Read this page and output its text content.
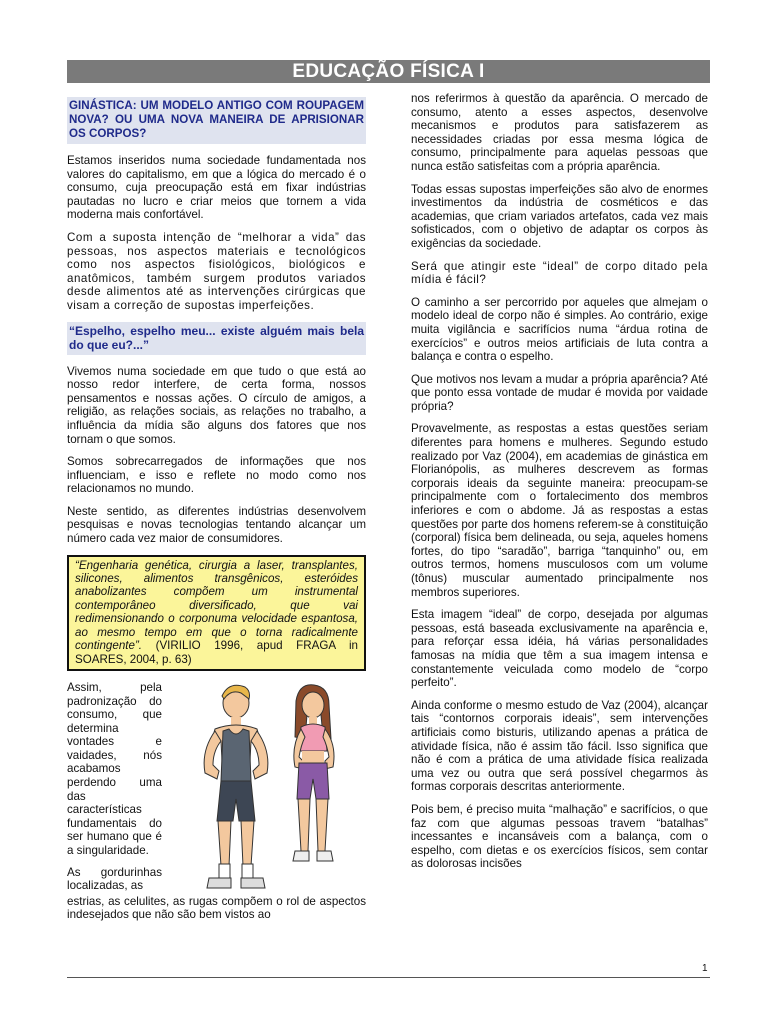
EDUCAÇÃO FÍSICA I
GINÁSTICA: UM MODELO ANTIGO COM ROUPAGEM NOVA? OU UMA NOVA MANEIRA DE APRISIONAR OS CORPOS?

Estamos inseridos numa sociedade fundamentada nos valores do capitalismo, em que a lógica do mercado é o consumo, cuja preocupação está em fixar indústrias pautadas no lucro e criar meios que tornem a vida moderna mais confortável.

Com a suposta intenção de “melhorar a vida” das pessoas, nos aspectos materiais e tecnológicos como nos aspectos fisiológicos, biológicos e anatômicos, também surgem produtos variados desde alimentos até as intervenções cirúrgicas que visam a correção de supostas imperfeições.

“Espelho, espelho meu... existe alguém mais bela do que eu?...”

Vivemos numa sociedade em que tudo o que está ao nosso redor interfere, de certa forma, nossos pensamentos e nossas ações. O círculo de amigos, a religião, as relações sociais, as relações no trabalho, a influência da mídia são alguns dos fatores que nos tornam o que somos.

Somos sobrecarregados de informações que nos influenciam, e isso e reflete no modo como nos relacionamos no mundo.

Neste sentido, as diferentes indústrias desenvolvem pesquisas e novas tecnologias tentando alcançar um número cada vez maior de consumidores.

“Engenharia genética, cirurgia a laser, transplantes, silicones, alimentos transgênicos, esteróides anabolizantes compõem um instrumental contemporâneo diversificado, que vai redimensionando o corponuma velocidade espantosa, ao mesmo tempo em que o torna radicalmente contingente”. (VIRILIO 1996, apud FRAGA in SOARES, 2004, p. 63)

Assim, pela padronização do consumo, que determina vontades e vaidades, nós acabamos perdendo uma das características fundamentais do ser humano que é a singularidade.

As gordurinhas localizadas, as

estrias, as celulites, as rugas compõem o rol de aspectos indesejados que não são bem vistos ao

nos referirmos à questão da aparência. O mercado de consumo, atento a esses aspectos, desenvolve mecanismos e produtos para satisfazerem as necessidades criadas por essa mesma lógica de consumo, principalmente para aquelas pessoas que nunca estão satisfeitas com a própria aparência.

Todas essas supostas imperfeições são alvo de enormes investimentos da indústria de cosméticos e das academias, que criam variados artefatos, cada vez mais sofisticados, com o objetivo de adaptar os corpos às exigências da sociedade.

Será que atingir este “ideal” de corpo ditado pela mídia é fácil?

O caminho a ser percorrido por aqueles que almejam o modelo ideal de corpo não é simples. Ao contrário, exige muita vigilância e sacrifícios numa “árdua rotina de exercícios” e outros meios artificiais de luta contra a balança e contra o espelho.

Que motivos nos levam a mudar a própria aparência? Até que ponto essa vontade de mudar é movida por vaidade própria?

Provavelmente, as respostas a estas questões seriam diferentes para homens e mulheres. Segundo estudo realizado por Vaz (2004), em academias de ginástica em Florianópolis, as mulheres descrevem as formas corporais ideais da seguinte maneira: preocupam-se principalmente com o fortalecimento dos membros inferiores e com o abdome. Já as respostas a estas questões por parte dos homens referem-se à constituição (corporal) física bem delineada, ou seja, aqueles homens fortes, do tipo “saradão”, barriga “tanquinho” ou, em outros termos, homens musculosos com um volume (tônus) muscular aumentado principalmente nos membros superiores.

Esta imagem “ideal” de corpo, desejada por algumas pessoas, está baseada exclusivamente na aparência e, para reforçar essa idéia, há várias personalidades famosas na mídia que têm a sua imagem intensa e constantemente veiculada como modelo de “corpo perfeito”.

Ainda conforme o mesmo estudo de Vaz (2004), alcançar tais “contornos corporais ideais”, sem intervenções artificiais como bisturis, utilizando apenas a prática de atividade física, não é assim tão fácil. Isso significa que não é com a prática de uma atividade física realizada uma vez ou outra que será possível chegarmos às formas corporais descritas anteriormente.

Pois bem, é preciso muita “malhação” e sacrifícios, o que faz com que algumas pessoas travem “batalhas” incessantes e incansáveis com a balança, com o espelho, com dietas e os exercícios físicos, sem contar as dolorosas incisões

1
